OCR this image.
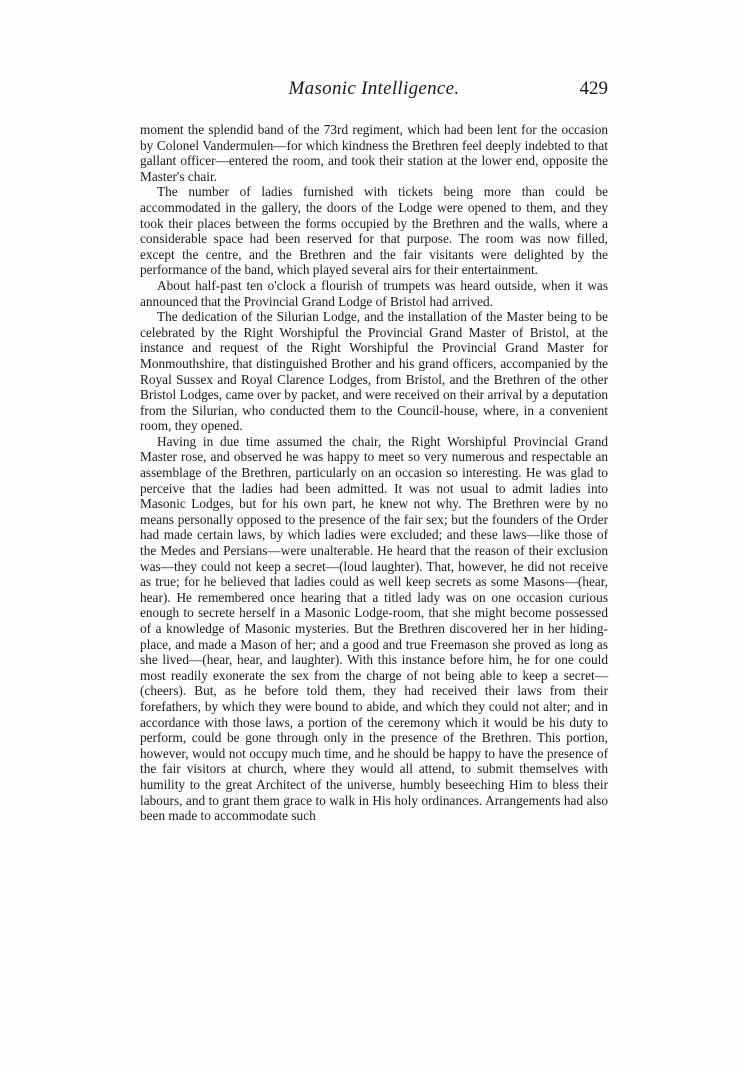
Masonic Intelligence.	429

moment the splendid band of the 73rd regiment, which had been lent for the occasion by Colonel Vandermulen—for which kindness the Brethren feel deeply indebted to that gallant officer—entered the room, and took their station at the lower end, opposite the Master's chair.

The number of ladies furnished with tickets being more than could be accommodated in the gallery, the doors of the Lodge were opened to them, and they took their places between the forms occupied by the Brethren and the walls, where a considerable space had been reserved for that purpose. The room was now filled, except the centre, and the Brethren and the fair visitants were delighted by the performance of the band, which played several airs for their entertainment.

About half-past ten o'clock a flourish of trumpets was heard outside, when it was announced that the Provincial Grand Lodge of Bristol had arrived.

The dedication of the Silurian Lodge, and the installation of the Master being to be celebrated by the Right Worshipful the Provincial Grand Master of Bristol, at the instance and request of the Right Worshipful the Provincial Grand Master for Monmouthshire, that distinguished Brother and his grand officers, accompanied by the Royal Sussex and Royal Clarence Lodges, from Bristol, and the Brethren of the other Bristol Lodges, came over by packet, and were received on their arrival by a deputation from the Silurian, who conducted them to the Council-house, where, in a convenient room, they opened.

Having in due time assumed the chair, the Right Worshipful Provincial Grand Master rose, and observed he was happy to meet so very numerous and respectable an assemblage of the Brethren, particularly on an occasion so interesting. He was glad to perceive that the ladies had been admitted. It was not usual to admit ladies into Masonic Lodges, but for his own part, he knew not why. The Brethren were by no means personally opposed to the presence of the fair sex; but the founders of the Order had made certain laws, by which ladies were excluded; and these laws—like those of the Medes and Persians—were unalterable. He heard that the reason of their exclusion was—they could not keep a secret—(loud laughter). That, however, he did not receive as true; for he believed that ladies could as well keep secrets as some Masons—(hear, hear). He remembered once hearing that a titled lady was on one occasion curious enough to secrete herself in a Masonic Lodge-room, that she might become possessed of a knowledge of Masonic mysteries. But the Brethren discovered her in her hiding-place, and made a Mason of her; and a good and true Freemason she proved as long as she lived—(hear, hear, and laughter). With this instance before him, he for one could most readily exonerate the sex from the charge of not being able to keep a secret—(cheers). But, as he before told them, they had received their laws from their forefathers, by which they were bound to abide, and which they could not alter; and in accordance with those laws, a portion of the ceremony which it would be his duty to perform, could be gone through only in the presence of the Brethren. This portion, however, would not occupy much time, and he should be happy to have the presence of the fair visitors at church, where they would all attend, to submit themselves with humility to the great Architect of the universe, humbly beseeching Him to bless their labours, and to grant them grace to walk in His holy ordinances. Arrangements had also been made to accommodate such
